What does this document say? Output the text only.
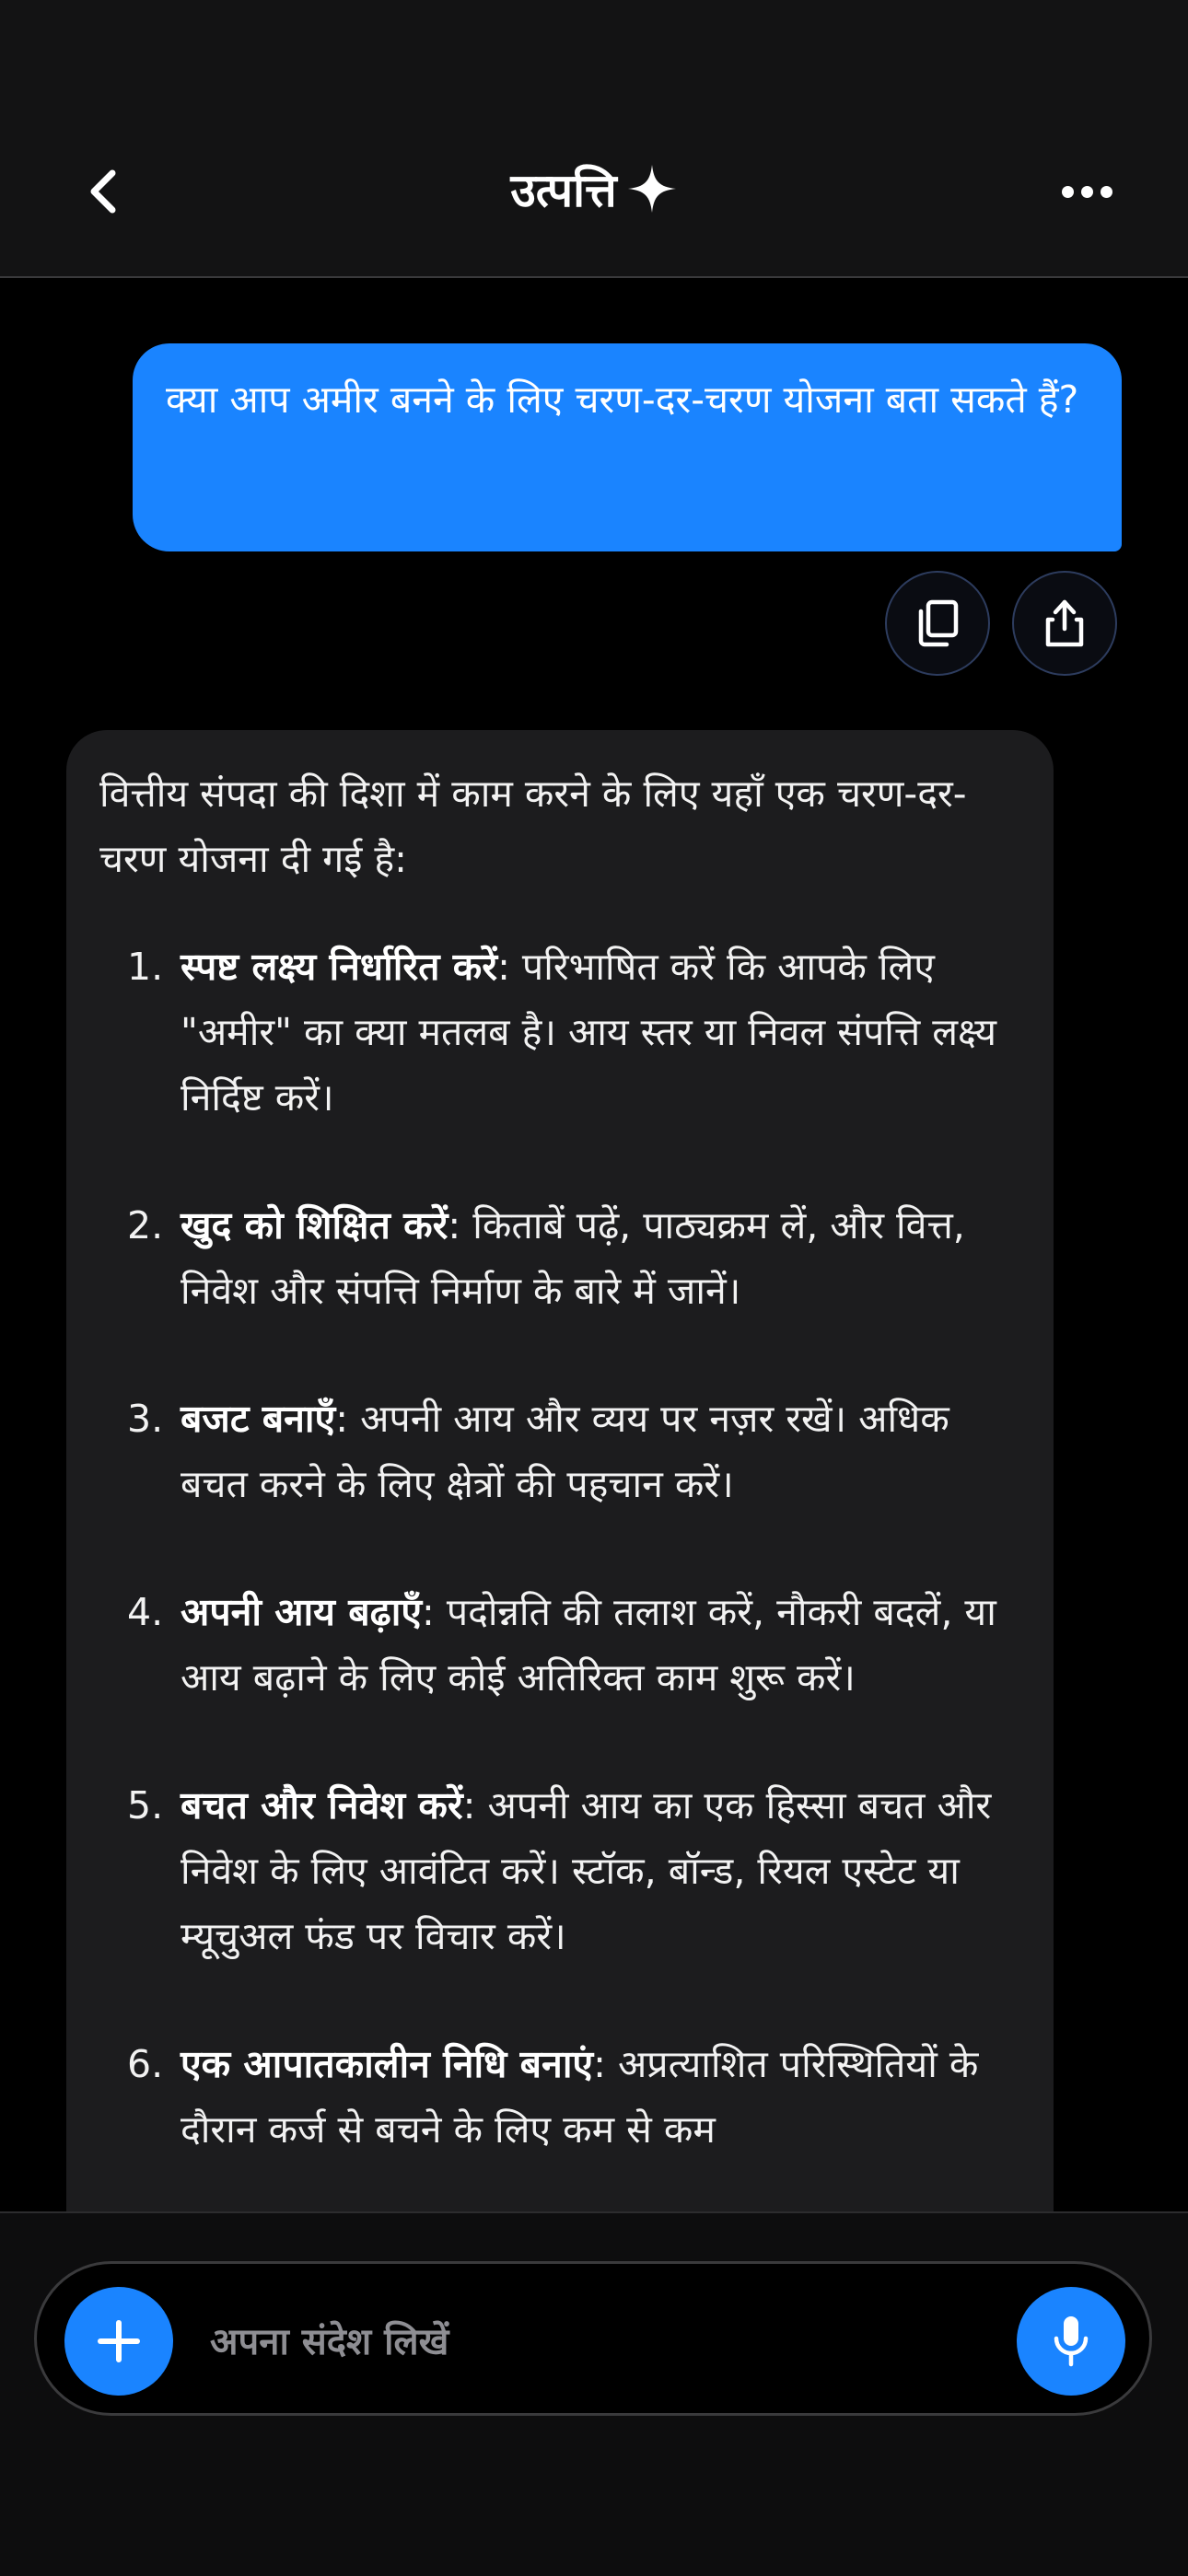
उत्पत्ति
क्या आप अमीर बनने के लिए चरण-दर-चरण योजना बता सकते हैं?

वित्तीय संपदा की दिशा में काम करने के लिए यहाँ एक चरण-दर-चरण योजना दी गई है:

1. स्पष्ट लक्ष्य निर्धारित करें: परिभाषित करें कि आपके लिए "अमीर" का क्या मतलब है। आय स्तर या निवल संपत्ति लक्ष्य निर्दिष्ट करें।
2. खुद को शिक्षित करें: किताबें पढ़ें, पाठ्यक्रम लें, और वित्त, निवेश और संपत्ति निर्माण के बारे में जानें।
3. बजट बनाएँ: अपनी आय और व्यय पर नज़र रखें। अधिक बचत करने के लिए क्षेत्रों की पहचान करें।
4. अपनी आय बढ़ाएँ: पदोन्नति की तलाश करें, नौकरी बदलें, या आय बढ़ाने के लिए कोई अतिरिक्त काम शुरू करें।
5. बचत और निवेश करें: अपनी आय का एक हिस्सा बचत और निवेश के लिए आवंटित करें। स्टॉक, बॉन्ड, रियल एस्टेट या म्यूचुअल फंड पर विचार करें।
6. एक आपातकालीन निधि बनाएं: अप्रत्याशित परिस्थितियों के दौरान कर्ज से बचने के लिए कम से कम
अपना संदेश लिखें
